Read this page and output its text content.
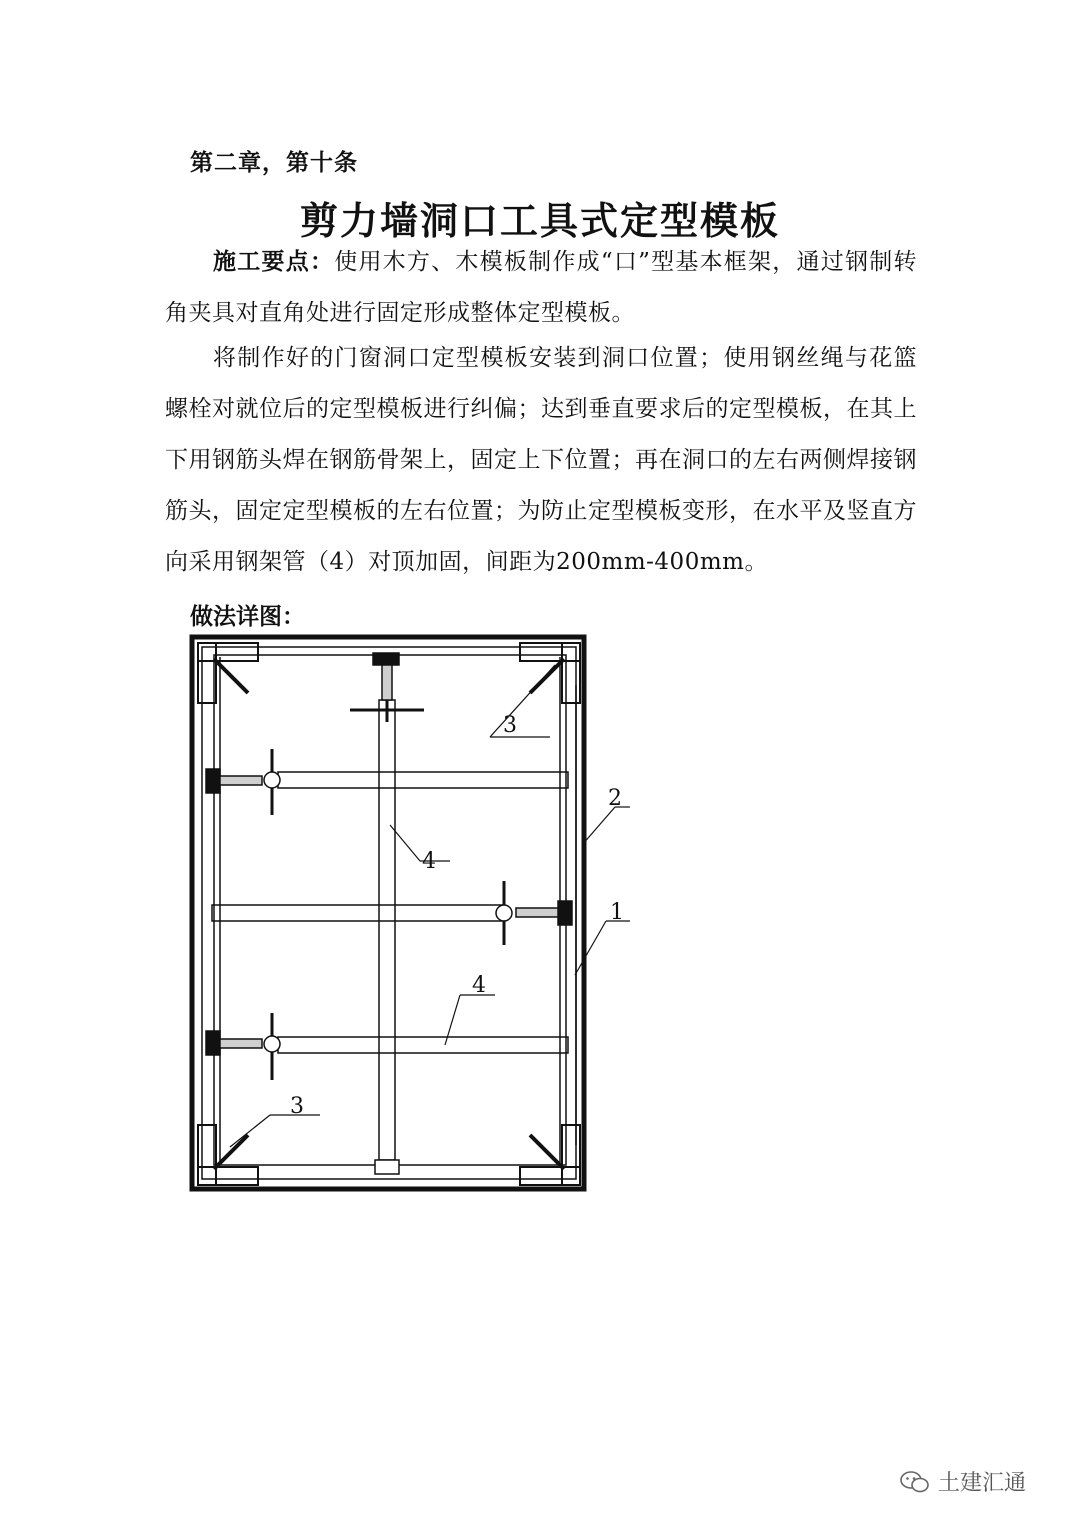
第二章，第十条
剪力墙洞口工具式定型模板
施工要点：使用木方、木模板制作成“口”型基本框架，通过钢制转角夹具对直角处进行固定形成整体定型模板。
将制作好的门窗洞口定型模板安装到洞口位置；使用钢丝绳与花篮螺栓对就位后的定型模板进行纠偏；达到垂直要求后的定型模板，在其上下用钢筋头焊在钢筋骨架上，固定上下位置；再在洞口的左右两侧焊接钢筋头，固定定型模板的左右位置；为防止定型模板变形，在水平及竖直方向采用钢架管（4）对顶加固，间距为200mm-400mm。
做法详图：
3
2
4
1
4
3
土建汇通
